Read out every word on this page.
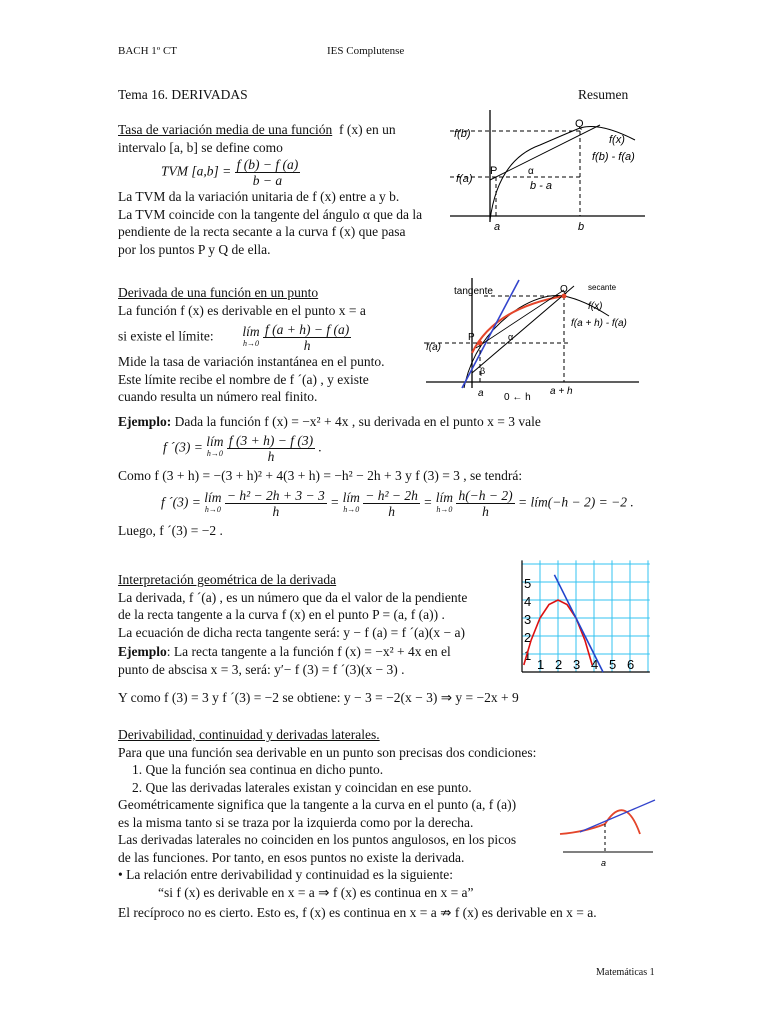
BACH 1º CT	IES Complutense
Tema 16. DERIVADAS	Resumen
Tasa de variación media de una función f (x) en un
intervalo [a, b] se define como
TVM $[a,b] = \frac{f (b) - f (a)}{b - a}$
La TVM da la variación unitaria de f (x) entre a y b.
La TVM coincide con la tangente del ángulo α que da la
pendiente de la recta secante a la curva f (x) que pasa
por los puntos P y Q de ella.
f(b)
f(a)
P
Q
f(x)
α
f(b) - f(a)
b - a
a	b
Derivada de una función en un punto
La función f (x) es derivable en el punto x = a
si existe el límite: lím
h→0
$\frac{f (a + h) - f (a)}{h}$
Mide la tasa de variación instantánea en el punto.
Este límite recibe el nombre de f ´(a) , y existe
cuando resulta un número real finito.
Ejemplo: Dada la función f (x) = −x² + 4x , su derivada en el punto x = 3 vale
f ´(3) = lím
h→0
$\frac{f (3 + h) - f (3)}{h}$ .
Como f (3 + h) = −(3 + h)² + 4(3 + h) = −h² − 2h + 3 y f (3) = 3 , se tendrá:
f ´(3) = lím
h→0
$\frac{\text{− h² − 2h + 3 − 3}}{h}$ = lím
h→0
$\frac{\text{− h² − 2h}}{h}$ = lím
h→0
$\frac{h(-h - 2)}{h}$ = lím(−h − 2) = −2 .
Luego, f ´(3) = −2 .
tangente	secante
Q
P
f(x)
f(a)
α
β
f(a + h) - f(a)
a 0 ← h
a + h
Interpretación geométrica de la derivada
La derivada, f ´(a) , es un número que da el valor de la pendiente
de la recta tangente a la curva f (x) en el punto P = (a, f (a)) .
La ecuación de dicha recta tangente será: y − f (a) = f ´(a)(x − a)
Ejemplo: La recta tangente a la función f (x) = −x² + 4x en el
punto de abscisa x = 3, será: y′− f (3) = f ´(3)(x − 3) .
Y como f (3) = 3 y f ´(3) = −2 se obtiene: y − 3 = −2(x − 3) ⇒ y = −2x + 9
1 2 3 4 5 6
1
2
3
4
5
Derivabilidad, continuidad y derivadas laterales.
Para que una función sea derivable en un punto son precisas dos condiciones:
1. Que la función sea continua en dicho punto.
2. Que las derivadas laterales existan y coincidan en ese punto.
Geométricamente significa que la tangente a la curva en el punto (a, f (a))
es la misma tanto si se traza por la izquierda como por la derecha.
Las derivadas laterales no coinciden en los puntos angulosos, en los picos
de las funciones. Por tanto, en esos puntos no existe la derivada.
• La relación entre derivabilidad y continuidad es la siguiente:
“si f (x) es derivable en x = a ⇒ f (x) es continua en x = a”
El recíproco no es cierto. Esto es, f (x) es continua en x = a ⇏ f (x) es derivable en x = a.
a
Matemáticas 1
